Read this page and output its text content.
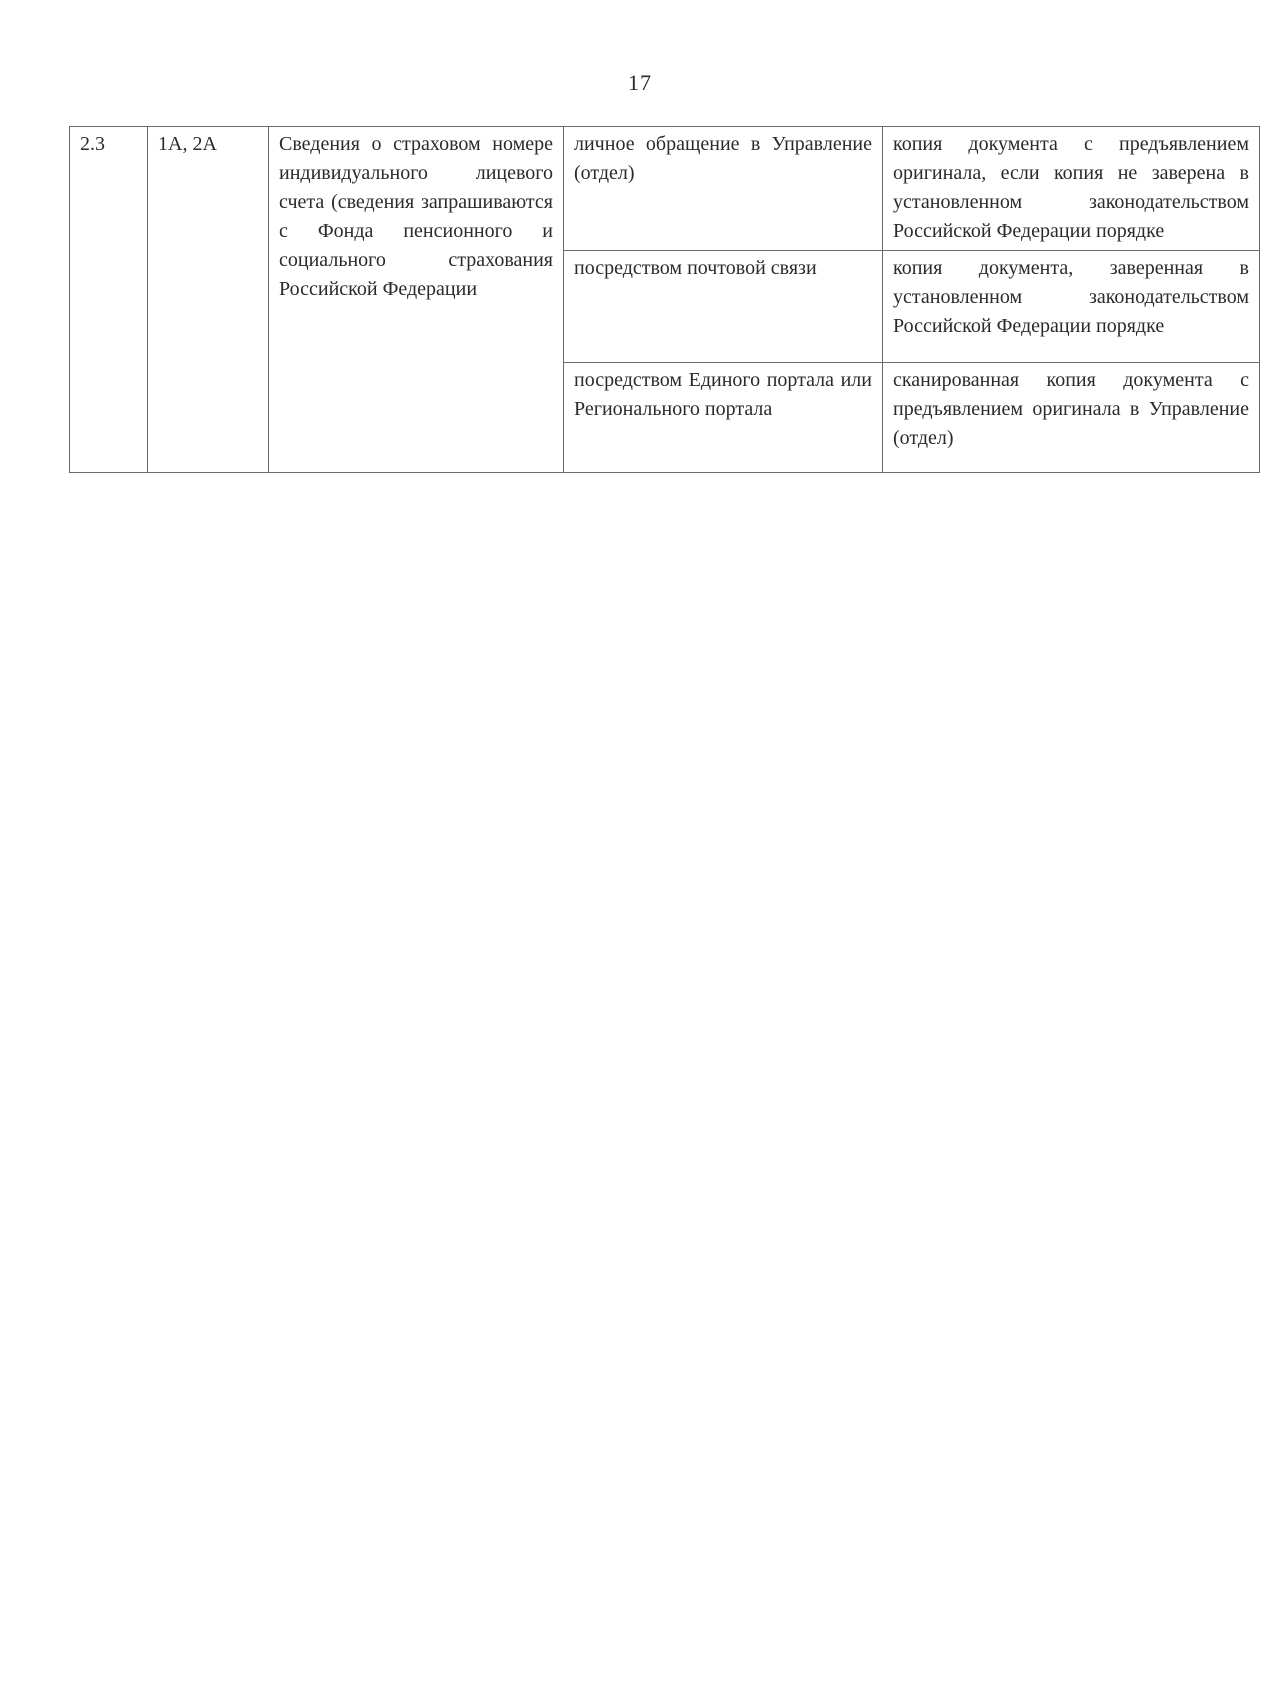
17
2.3	1А, 2А	Сведения о страховом номере индивидуального лицевого счета (сведения запрашиваются с Фонда пенсионного и социального страхования Российской Федерации	личное обращение в Управление (отдел)	копия документа с предъявлением оригинала, если копия не заверена в установленном законодательством Российской Федерации порядке

			посредством почтовой связи	копия документа, заверенная в установленном законодательством Российской Федерации порядке

			посредством Единого портала или Регионального портала	сканированная копия документа с предъявлением оригинала в Управление (отдел)
